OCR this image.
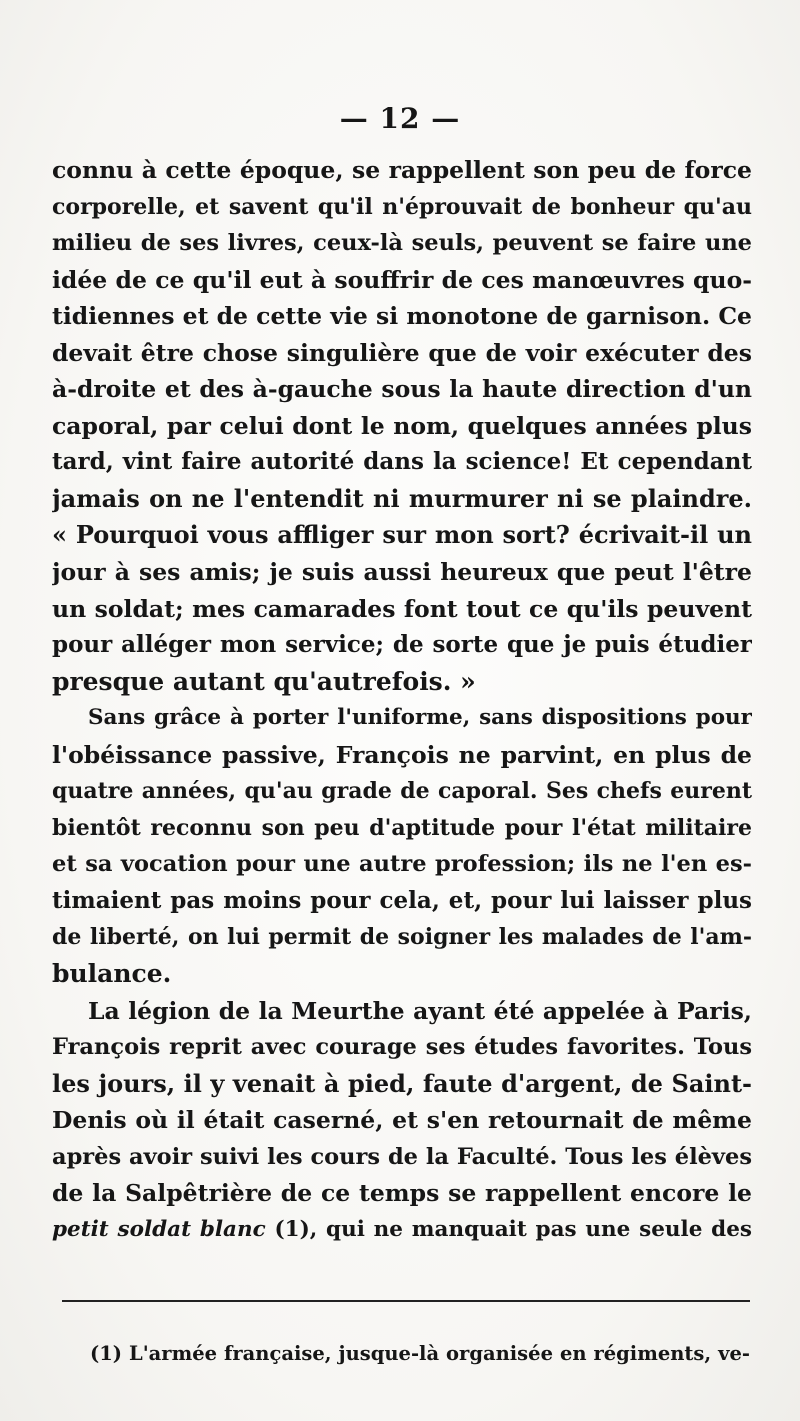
— 12 —
connu à cette époque, se rappellent son peu de force
corporelle, et savent qu'il n'éprouvait de bonheur qu'au
milieu de ses livres, ceux-là seuls, peuvent se faire une
idée de ce qu'il eut à souffrir de ces manœuvres quo-
tidiennes et de cette vie si monotone de garnison. Ce
devait être chose singulière que de voir exécuter des
à-droite et des à-gauche sous la haute direction d'un
caporal, par celui dont le nom, quelques années plus
tard, vint faire autorité dans la science! Et cependant
jamais on ne l'entendit ni murmurer ni se plaindre.
« Pourquoi vous affliger sur mon sort? écrivait-il un
jour à ses amis; je suis aussi heureux que peut l'être
un soldat; mes camarades font tout ce qu'ils peuvent
pour alléger mon service; de sorte que je puis étudier
presque autant qu'autrefois. »
Sans grâce à porter l'uniforme, sans dispositions pour
l'obéissance passive, François ne parvint, en plus de
quatre années, qu'au grade de caporal. Ses chefs eurent
bientôt reconnu son peu d'aptitude pour l'état militaire
et sa vocation pour une autre profession; ils ne l'en es-
timaient pas moins pour cela, et, pour lui laisser plus
de liberté, on lui permit de soigner les malades de l'am-
bulance.
La légion de la Meurthe ayant été appelée à Paris,
François reprit avec courage ses études favorites. Tous
les jours, il y venait à pied, faute d'argent, de Saint-
Denis où il était caserné, et s'en retournait de même
après avoir suivi les cours de la Faculté. Tous les élèves
de la Salpêtrière de ce temps se rappellent encore le
petit soldat blanc (1), qui ne manquait pas une seule des
(1) L'armée française, jusque-là organisée en régiments, ve-
